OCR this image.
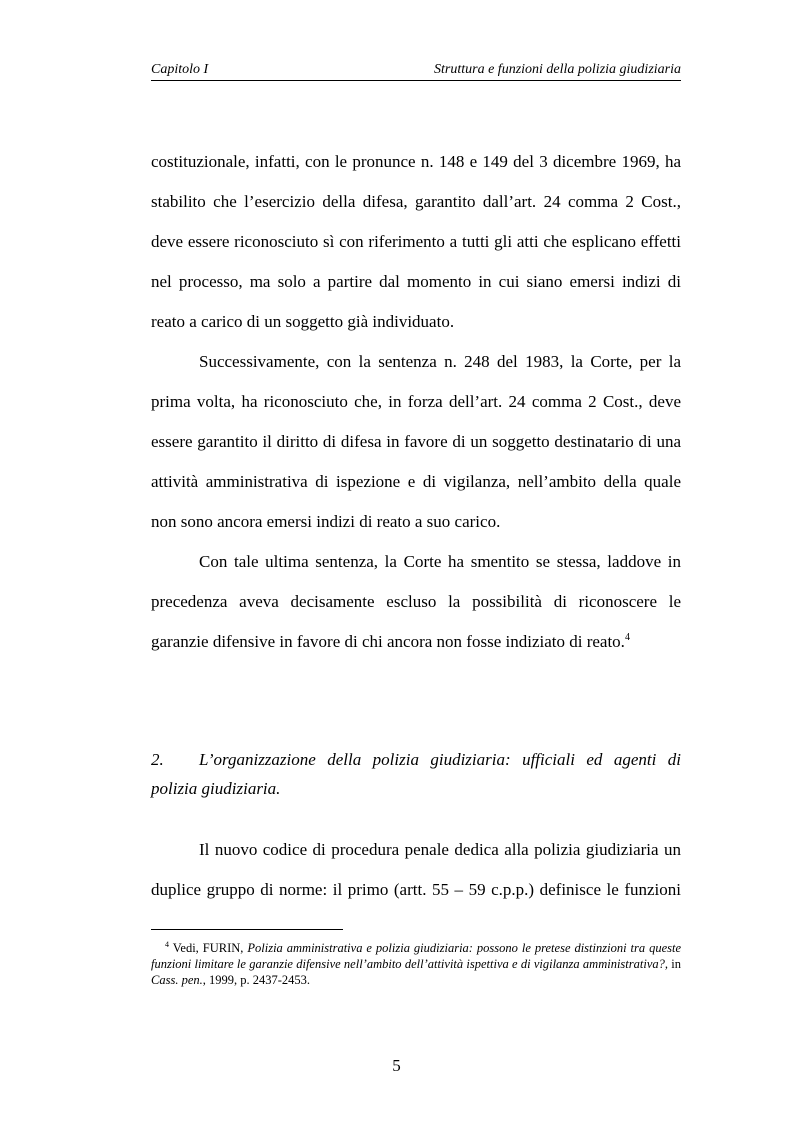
Capitolo I	Struttura e funzioni della polizia giudiziaria

costituzionale, infatti, con le pronunce n. 148 e 149 del 3 dicembre 1969, ha stabilito che l’esercizio della difesa, garantito dall’art. 24 comma 2 Cost., deve essere riconosciuto sì con riferimento a tutti gli atti che esplicano effetti nel processo, ma solo a partire dal momento in cui siano emersi indizi di reato a carico di un soggetto già individuato.

Successivamente, con la sentenza n. 248 del 1983, la Corte, per la prima volta, ha riconosciuto che, in forza dell’art. 24 comma 2 Cost., deve essere garantito il diritto di difesa in favore di un soggetto destinatario di una attività amministrativa di ispezione e di vigilanza, nell’ambito della quale non sono ancora emersi indizi di reato a suo carico.

Con tale ultima sentenza, la Corte ha smentito se stessa, laddove in precedenza aveva decisamente escluso la possibilità di riconoscere le garanzie difensive in favore di chi ancora non fosse indiziato di reato.$^4$

2. L’organizzazione della polizia giudiziaria: ufficiali ed agenti di polizia giudiziaria.

Il nuovo codice di procedura penale dedica alla polizia giudiziaria un duplice gruppo di norme: il primo (artt. 55 – 59 c.p.p.) definisce le funzioni

$^4$ Vedi, FURIN, Polizia amministrativa e polizia giudiziaria: possono le pretese distinzioni tra queste funzioni limitare le garanzie difensive nell’ambito dell’attività ispettiva e di vigilanza amministrativa?, in Cass. pen., 1999, p. 2437-2453.

5
